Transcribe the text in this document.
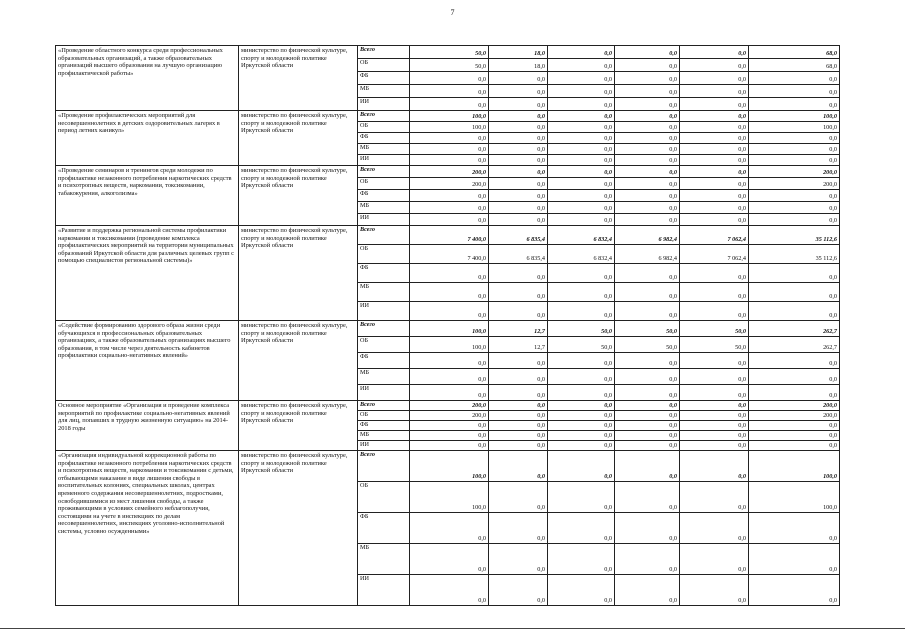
7
«Проведение областного конкурса среди профессиональных образовательных организаций, а также образовательных организаций высшего образования на лучшую организацию профилактической работы»	министерство по физической культуре, спорту и молодежной политике Иркутской области	Всего	50,0	18,0	0,0	0,0	0,0	68,0
		ОБ	50,0	18,0	0,0	0,0	0,0	68,0
		ФБ	0,0	0,0	0,0	0,0	0,0	0,0
		МБ	0,0	0,0	0,0	0,0	0,0	0,0
		ИИ	0,0	0,0	0,0	0,0	0,0	0,0
«Проведение профилактических мероприятий для несовершеннолетних в детских оздоровительных лагерях в период летних каникул»	министерство по физической культуре, спорту и молодежной политике Иркутской области	Всего	100,0	0,0	0,0	0,0	0,0	100,0
		ОБ	100,0	0,0	0,0	0,0	0,0	100,0
		ФБ	0,0	0,0	0,0	0,0	0,0	0,0
		МБ	0,0	0,0	0,0	0,0	0,0	0,0
		ИИ	0,0	0,0	0,0	0,0	0,0	0,0
«Проведение семинаров и тренингов среди молодежи по профилактике незаконного потребления наркотических средств и психотропных веществ, наркомании, токсикомании, табакокурения, алкоголизма»	министерство по физической культуре, спорту и молодежной политике Иркутской области	Всего	200,0	0,0	0,0	0,0	0,0	200,0
		ОБ	200,0	0,0	0,0	0,0	0,0	200,0
		ФБ	0,0	0,0	0,0	0,0	0,0	0,0
		МБ	0,0	0,0	0,0	0,0	0,0	0,0
		ИИ	0,0	0,0	0,0	0,0	0,0	0,0
«Развитие и поддержка региональной системы профилактики наркомании и токсикомании (проведение комплекса профилактических мероприятий на территории муниципальных образований Иркутской области для различных целевых групп с помощью специалистов региональной системы)»	министерство по физической культуре, спорту и молодежной политике Иркутской области	Всего	7 400,0	6 835,4	6 832,4	6 982,4	7 062,4	35 112,6
		ОБ	7 400,0	6 835,4	6 832,4	6 982,4	7 062,4	35 112,6
		ФБ	0,0	0,0	0,0	0,0	0,0	0,0
		МБ	0,0	0,0	0,0	0,0	0,0	0,0
		ИИ	0,0	0,0	0,0	0,0	0,0	0,0
«Содействие формированию здорового образа жизни среди обучающихся в профессиональных образовательных организациях, а также образовательных организациях высшего образования, в том числе через деятельность кабинетов профилактики социально-негативных явлений»	министерство по физической культуре, спорту и молодежной политике Иркутской области	Всего	100,0	12,7	50,0	50,0	50,0	262,7
		ОБ	100,0	12,7	50,0	50,0	50,0	262,7
		ФБ	0,0	0,0	0,0	0,0	0,0	0,0
		МБ	0,0	0,0	0,0	0,0	0,0	0,0
		ИИ	0,0	0,0	0,0	0,0	0,0	0,0
Основное мероприятие «Организация и проведение комплекса мероприятий по профилактике социально-негативных явлений для лиц, попавших в трудную жизненную ситуацию» на 2014-2018 годы	министерство по физической культуре, спорту и молодежной политике Иркутской области	Всего	200,0	0,0	0,0	0,0	0,0	200,0
		ОБ	200,0	0,0	0,0	0,0	0,0	200,0
		ФБ	0,0	0,0	0,0	0,0	0,0	0,0
		МБ	0,0	0,0	0,0	0,0	0,0	0,0
		ИИ	0,0	0,0	0,0	0,0	0,0	0,0
«Организация индивидуальной коррекционной работы по профилактике незаконного потребления наркотических средств и психотропных веществ, наркомании и токсикомании с детьми, отбывающими наказание в виде лишения свободы в воспитательных колониях, специальных школах, центрах временного содержания несовершеннолетних, подростками, освободившимися из мест лишения свободы, а также проживающими в условиях семейного неблагополучия, состоящими на учете в инспекциях по делам несовершеннолетних, инспекциях уголовно-исполнительной системы, условно осужденными»	министерство по физической культуре, спорту и молодежной политике Иркутской области	Всего	100,0	0,0	0,0	0,0	0,0	100,0
		ОБ	100,0	0,0	0,0	0,0	0,0	100,0
		ФБ	0,0	0,0	0,0	0,0	0,0	0,0
		МБ	0,0	0,0	0,0	0,0	0,0	0,0
		ИИ	0,0	0,0	0,0	0,0	0,0	0,0
